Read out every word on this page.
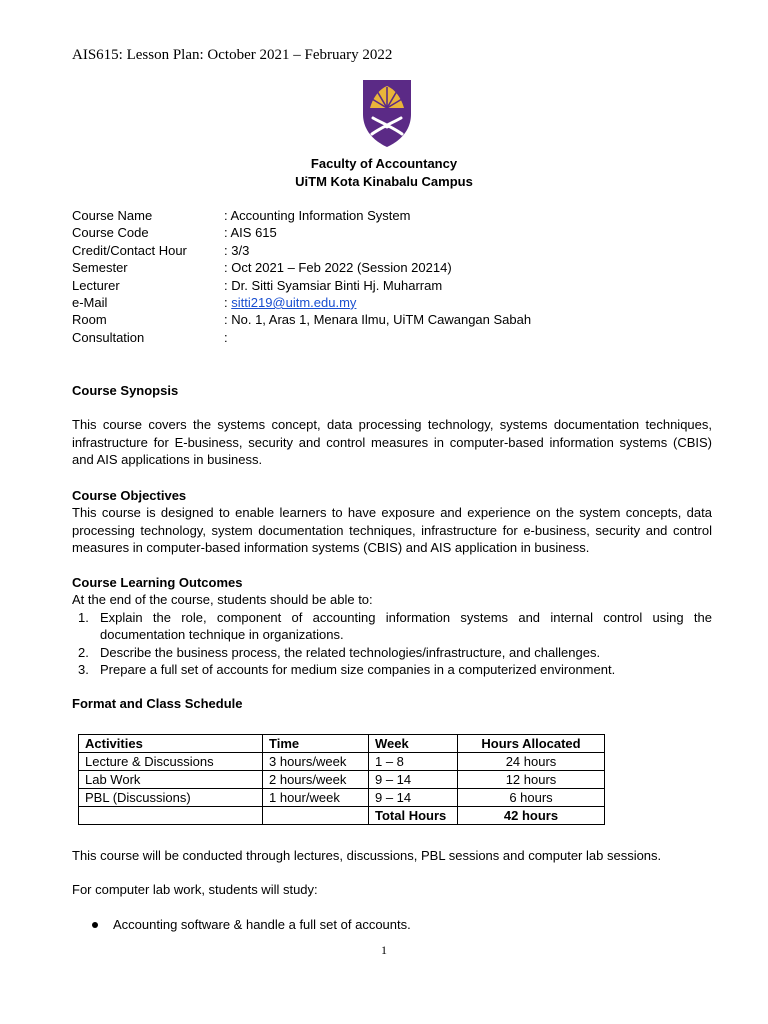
AIS615: Lesson Plan: October 2021 – February 2022
Faculty of Accountancy
UiTM Kota Kinabalu Campus
Course Name	: Accounting Information System
Course Code	: AIS 615
Credit/Contact Hour	: 3/3
Semester	: Oct 2021 – Feb 2022 (Session 20214)
Lecturer	: Dr. Sitti Syamsiar Binti Hj. Muharram
e-Mail	: sitti219@uitm.edu.my
Room	: No. 1, Aras 1, Menara Ilmu, UiTM Cawangan Sabah
Consultation	:
Course Synopsis
This course covers the systems concept, data processing technology, systems documentation techniques, infrastructure for E-business, security and control measures in computer-based information systems (CBIS) and AIS applications in business.
Course Objectives
This course is designed to enable learners to have exposure and experience on the system concepts, data processing technology, system documentation techniques, infrastructure for e-business, security and control measures in computer-based information systems (CBIS) and AIS application in business.
Course Learning Outcomes
At the end of the course, students should be able to:
1. Explain the role, component of accounting information systems and internal control using the documentation technique in organizations.
2. Describe the business process, the related technologies/infrastructure, and challenges.
3. Prepare a full set of accounts for medium size companies in a computerized environment.
Format and Class Schedule
Activities	Time	Week	Hours Allocated
Lecture & Discussions	3 hours/week	1 – 8	24 hours
Lab Work	2 hours/week	9 – 14	12 hours
PBL (Discussions)	1 hour/week	9 – 14	6 hours
		Total Hours	42 hours
This course will be conducted through lectures, discussions, PBL sessions and computer lab sessions.
For computer lab work, students will study:
Accounting software & handle a full set of accounts.
1
